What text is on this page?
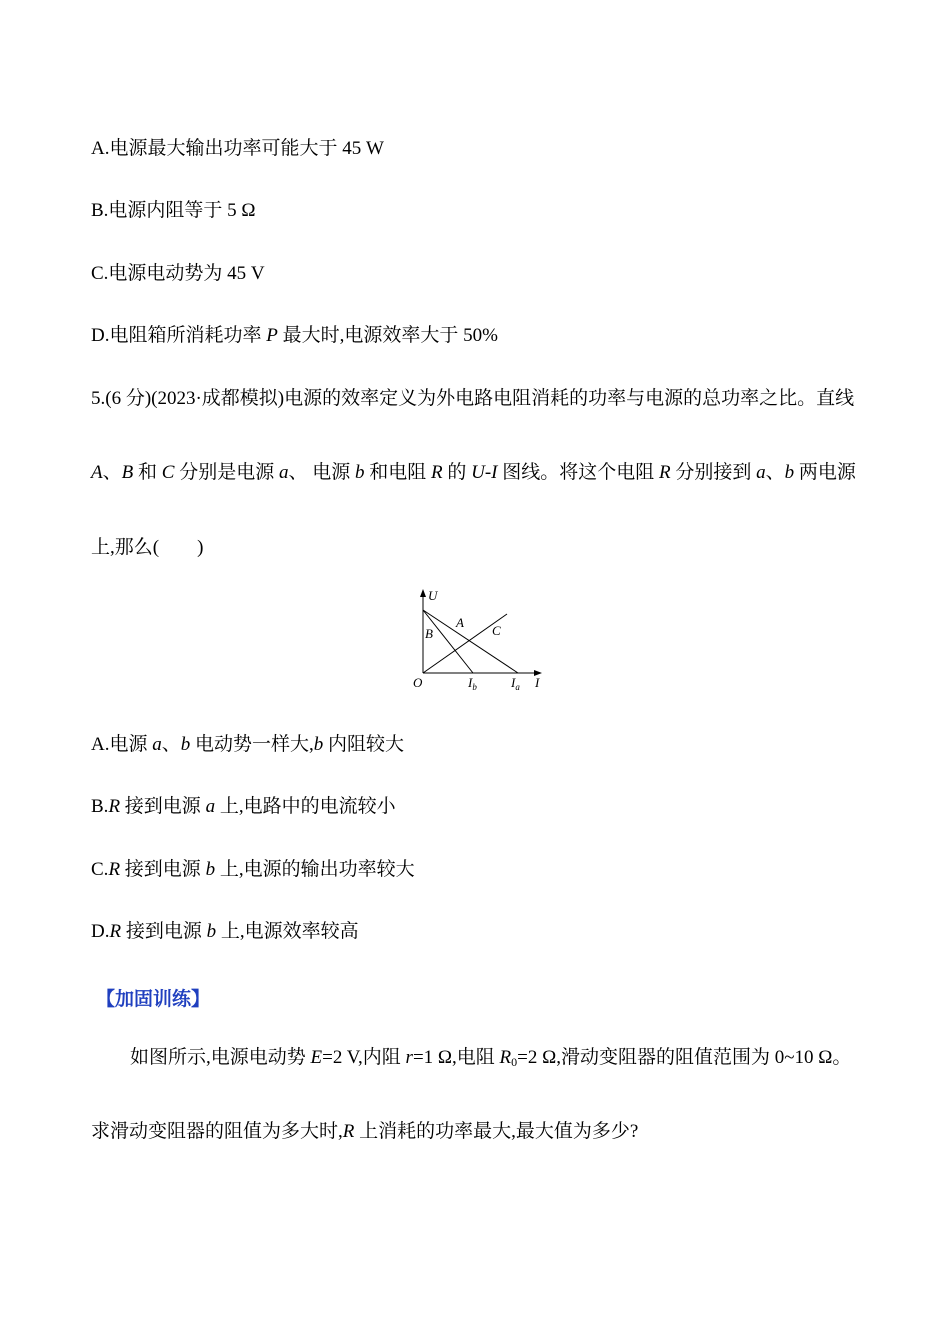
A.电源最大输出功率可能大于 45 W
B.电源内阻等于 5 Ω
C.电源电动势为 45 V
D.电阻箱所消耗功率 P 最大时,电源效率大于 50%
5.(6 分)(2023·成都模拟)电源的效率定义为外电路电阻消耗的功率与电源的总功率之比。直线
A、B 和 C 分别是电源 a、 电源 b 和电阻 R 的 U-I 图线。将这个电阻 R 分别接到 a、b 两电源
上,那么(　　)
U
I
O
A
B	C
$I_b$	$I_a$
A.电源 a、b 电动势一样大,b 内阻较大
B.R 接到电源 a 上,电路中的电流较小
C.R 接到电源 b 上,电源的输出功率较大
D.R 接到电源 b 上,电源效率较高
【加固训练】
如图所示,电源电动势 E=2 V,内阻 r=1 Ω,电阻 $R_0=2$ Ω,滑动变阻器的阻值范围为 0~10 Ω。
求滑动变阻器的阻值为多大时,R 上消耗的功率最大,最大值为多少?
